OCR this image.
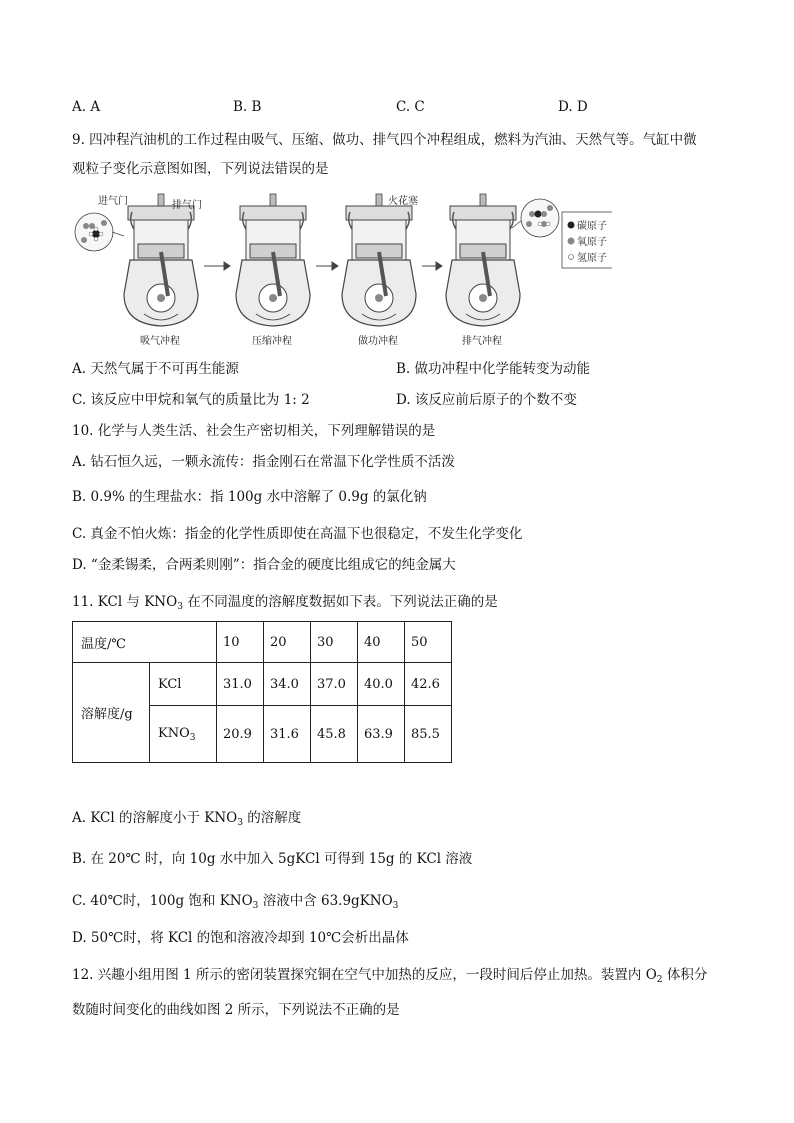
A. A	B. B	C. C	D. D
9. 四冲程汽油机的工作过程由吸气、压缩、做功、排气四个冲程组成，燃料为汽油、天然气等。气缸中微
观粒子变化示意图如图，下列说法错误的是
碳原子
氧原子
氢原子
进气门	排气门	火花塞
吸气冲程	压缩冲程	做功冲程	排气冲程
A. 天然气属于不可再生能源	B. 做功冲程中化学能转变为动能
C. 该反应中甲烷和氧气的质量比为 1: 2	D. 该反应前后原子的个数不变
10. 化学与人类生活、社会生产密切相关，下列理解错误的是
A. 钻石恒久远，一颗永流传：指金刚石在常温下化学性质不活泼
B. 0.9% 的生理盐水：指 100g 水中溶解了 0.9g 的氯化钠
C. 真金不怕火炼：指金的化学性质即使在高温下也很稳定，不发生化学变化
D. “金柔锡柔，合两柔则刚”：指合金的硬度比组成它的纯金属大
11. KCl 与 $KNO_3$ 在不同温度的溶解度数据如下表。下列说法正确的是
温度/℃		10	20	30	40	50
溶解度/g	KCl	31.0	34.0	37.0	40.0	42.6
	$KNO_3$	20.9	31.6	45.8	63.9	85.5
A. KCl 的溶解度小于 $KNO_3$ 的溶解度
B. 在 20℃ 时，向 10g 水中加入 5gKCl 可得到 15g 的 KCl 溶液
C. 40℃时，100g 饱和 $KNO_3$ 溶液中含 63.9gKNO$_3$
D. 50℃时，将 KCl 的饱和溶液冷却到 10℃会析出晶体
12. 兴趣小组用图 1 所示的密闭装置探究铜在空气中加热的反应，一段时间后停止加热。装置内 $O_2$ 体积分
数随时间变化的曲线如图 2 所示，下列说法不正确的是
